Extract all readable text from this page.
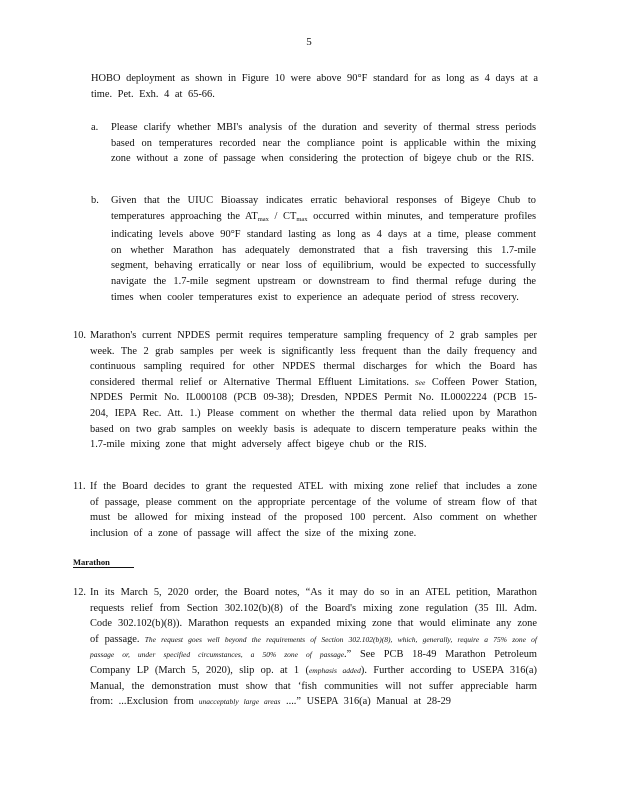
5
HOBO deployment as shown in Figure 10 were above 90°F standard for as long as 4 days at a time. Pet. Exh. 4 at 65-66.
a. Please clarify whether MBI's analysis of the duration and severity of thermal stress periods based on temperatures recorded near the compliance point is applicable within the mixing zone without a zone of passage when considering the protection of bigeye chub or the RIS.
b. Given that the UIUC Bioassay indicates erratic behavioral responses of Bigeye Chub to temperatures approaching the $AT_{max} / CT_{max}$ occurred within minutes, and temperature profiles indicating levels above 90°F standard lasting as long as 4 days at a time, please comment on whether Marathon has adequately demonstrated that a fish traversing this 1.7-mile segment, behaving erratically or near loss of equilibrium, would be expected to successfully navigate the 1.7-mile segment upstream or downstream to find thermal refuge during the times when cooler temperatures exist to experience an adequate period of stress recovery.
10. Marathon's current NPDES permit requires temperature sampling frequency of 2 grab samples per week. The 2 grab samples per week is significantly less frequent than the daily frequency and continuous sampling required for other NPDES thermal discharges for which the Board has considered thermal relief or Alternative Thermal Effluent Limitations. See Coffeen Power Station, NPDES Permit No. IL000108 (PCB 09-38); Dresden, NPDES Permit No. IL0002224 (PCB 15-204, IEPA Rec. Att. 1.) Please comment on whether the thermal data relied upon by Marathon based on two grab samples on weekly basis is adequate to discern temperature peaks within the 1.7-mile mixing zone that might adversely affect bigeye chub or the RIS.
11. If the Board decides to grant the requested ATEL with mixing zone relief that includes a zone of passage, please comment on the appropriate percentage of the volume of stream flow of that must be allowed for mixing instead of the proposed 100 percent. Also comment on whether inclusion of a zone of passage will affect the size of the mixing zone.
Marathon
12. In its March 5, 2020 order, the Board notes, “As it may do so in an ATEL petition, Marathon requests relief from Section 302.102(b)(8) of the Board's mixing zone regulation (35 Ill. Adm. Code 302.102(b)(8)). Marathon requests an expanded mixing zone that would eliminate any zone of passage. The request goes well beyond the requirements of Section 302.102(b)(8), which, generally, require a 75% zone of passage or, under specified circumstances, a 50% zone of passage.” See PCB 18-49 Marathon Petroleum Company LP (March 5, 2020), slip op. at 1 (emphasis added). Further according to USEPA 316(a) Manual, the demonstration must show that ‘fish communities will not suffer appreciable harm from: ...Exclusion from unacceptably large areas ....” USEPA 316(a) Manual at 28-29
